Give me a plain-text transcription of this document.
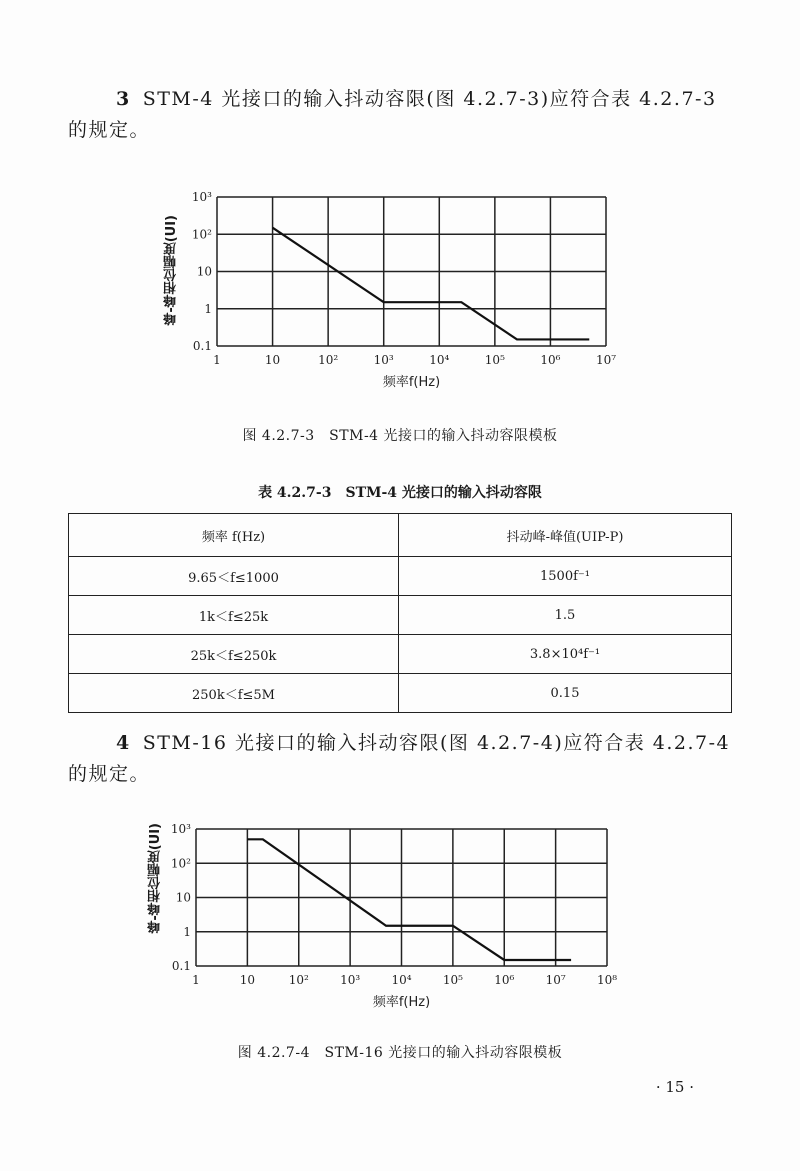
3 STM-4 光接口的输入抖动容限(图 4.2.7-3)应符合表 4.2.7-3 的规定。
峰-峰相位幅度(UI)
1	10	10²	10³	10⁴	10⁵	10⁶	10⁷
0.1
1
10
10²
10³
频率f(Hz)
图 4.2.7-3　STM-4 光接口的输入抖动容限模板
表 4.2.7-3　STM-4 光接口的输入抖动容限
频率 f(Hz)	抖动峰-峰值(UIP-P)
9.65＜f≤1000	1500f⁻¹
1k＜f≤25k	1.5
25k＜f≤250k	3.8×10⁴f⁻¹
250k＜f≤5M	0.15
4 STM-16 光接口的输入抖动容限(图 4.2.7-4)应符合表 4.2.7-4 的规定。
峰-峰相位幅度(UI)
1	10	10²	10³	10⁴	10⁵	10⁶	10⁷	10⁸
0.1
1
10
10²
10³
频率f(Hz)
图 4.2.7-4　STM-16 光接口的输入抖动容限模板
· 15 ·
